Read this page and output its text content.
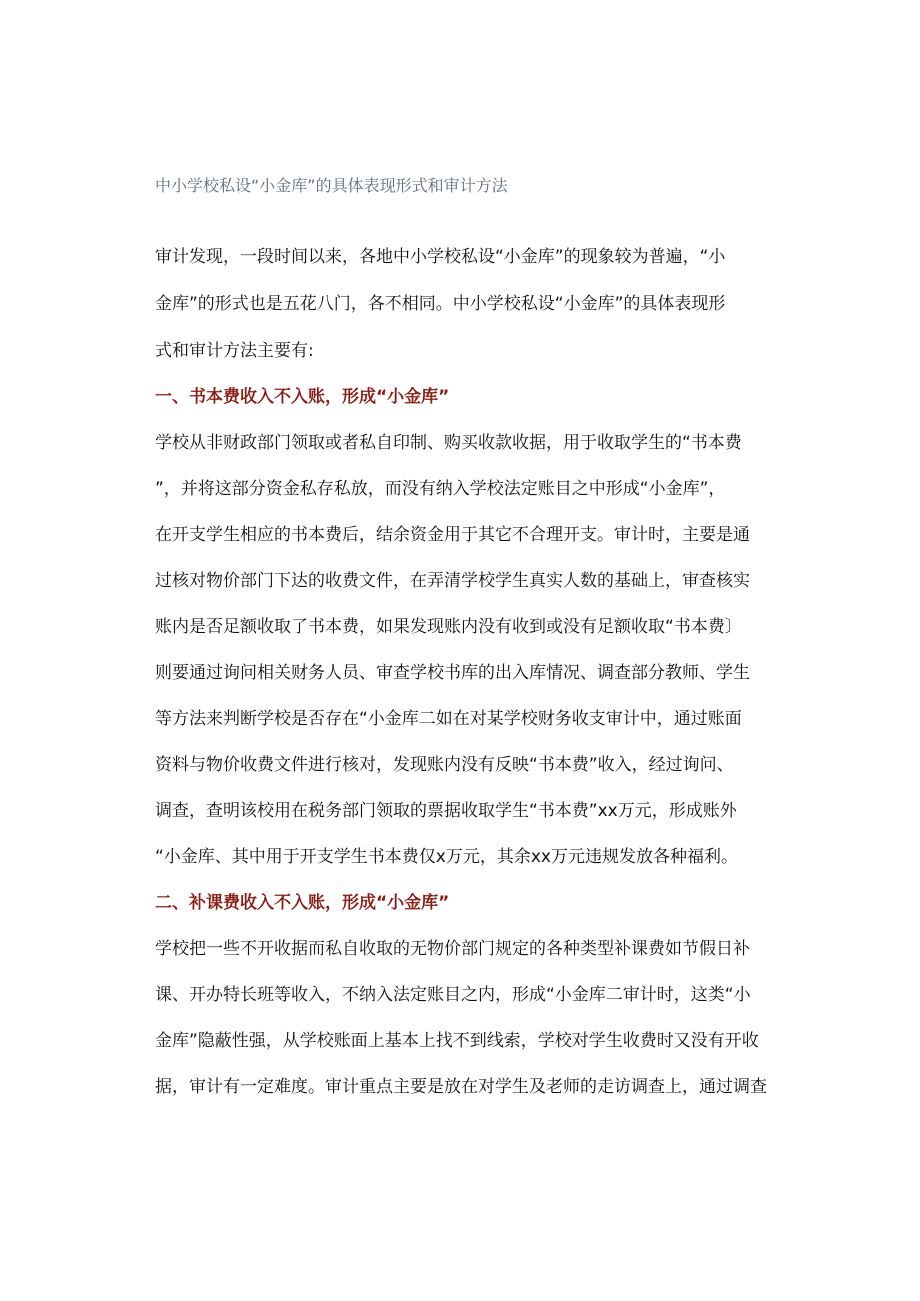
中小学校私设“小金库”的具体表现形式和审计方法
审计发现，一段时间以来，各地中小学校私设“小金库”的现象较为普遍，“小
金库”的形式也是五花八门，各不相同。中小学校私设“小金库”的具体表现形
式和审计方法主要有:
一、书本费收入不入账，形成“小金库”
学校从非财政部门领取或者私自印制、购买收款收据，用于收取学生的“书本费
”，并将这部分资金私存私放，而没有纳入学校法定账目之中形成“小金库”，
在开支学生相应的书本费后，结余资金用于其它不合理开支。审计时，主要是通
过核对物价部门下达的收费文件，在弄清学校学生真实人数的基础上，审查核实
账内是否足额收取了书本费，如果发现账内没有收到或没有足额收取“书本费〕
则要通过询问相关财务人员、审查学校书库的出入库情况、调查部分教师、学生
等方法来判断学校是否存在“小金库二如在对某学校财务收支审计中，通过账面
资料与物价收费文件进行核对，发现账内没有反映“书本费”收入，经过询问、
调查，查明该校用在税务部门领取的票据收取学生“书本费”xx万元，形成账外
“小金库、其中用于开支学生书本费仅x万元，其余xx万元违规发放各种福利。
二、补课费收入不入账，形成“小金库”
学校把一些不开收据而私自收取的无物价部门规定的各种类型补课费如节假日补
课、开办特长班等收入，不纳入法定账目之内，形成“小金库二审计时，这类“小
金库”隐蔽性强，从学校账面上基本上找不到线索，学校对学生收费时又没有开收
据，审计有一定难度。审计重点主要是放在对学生及老师的走访调查上，通过调查
